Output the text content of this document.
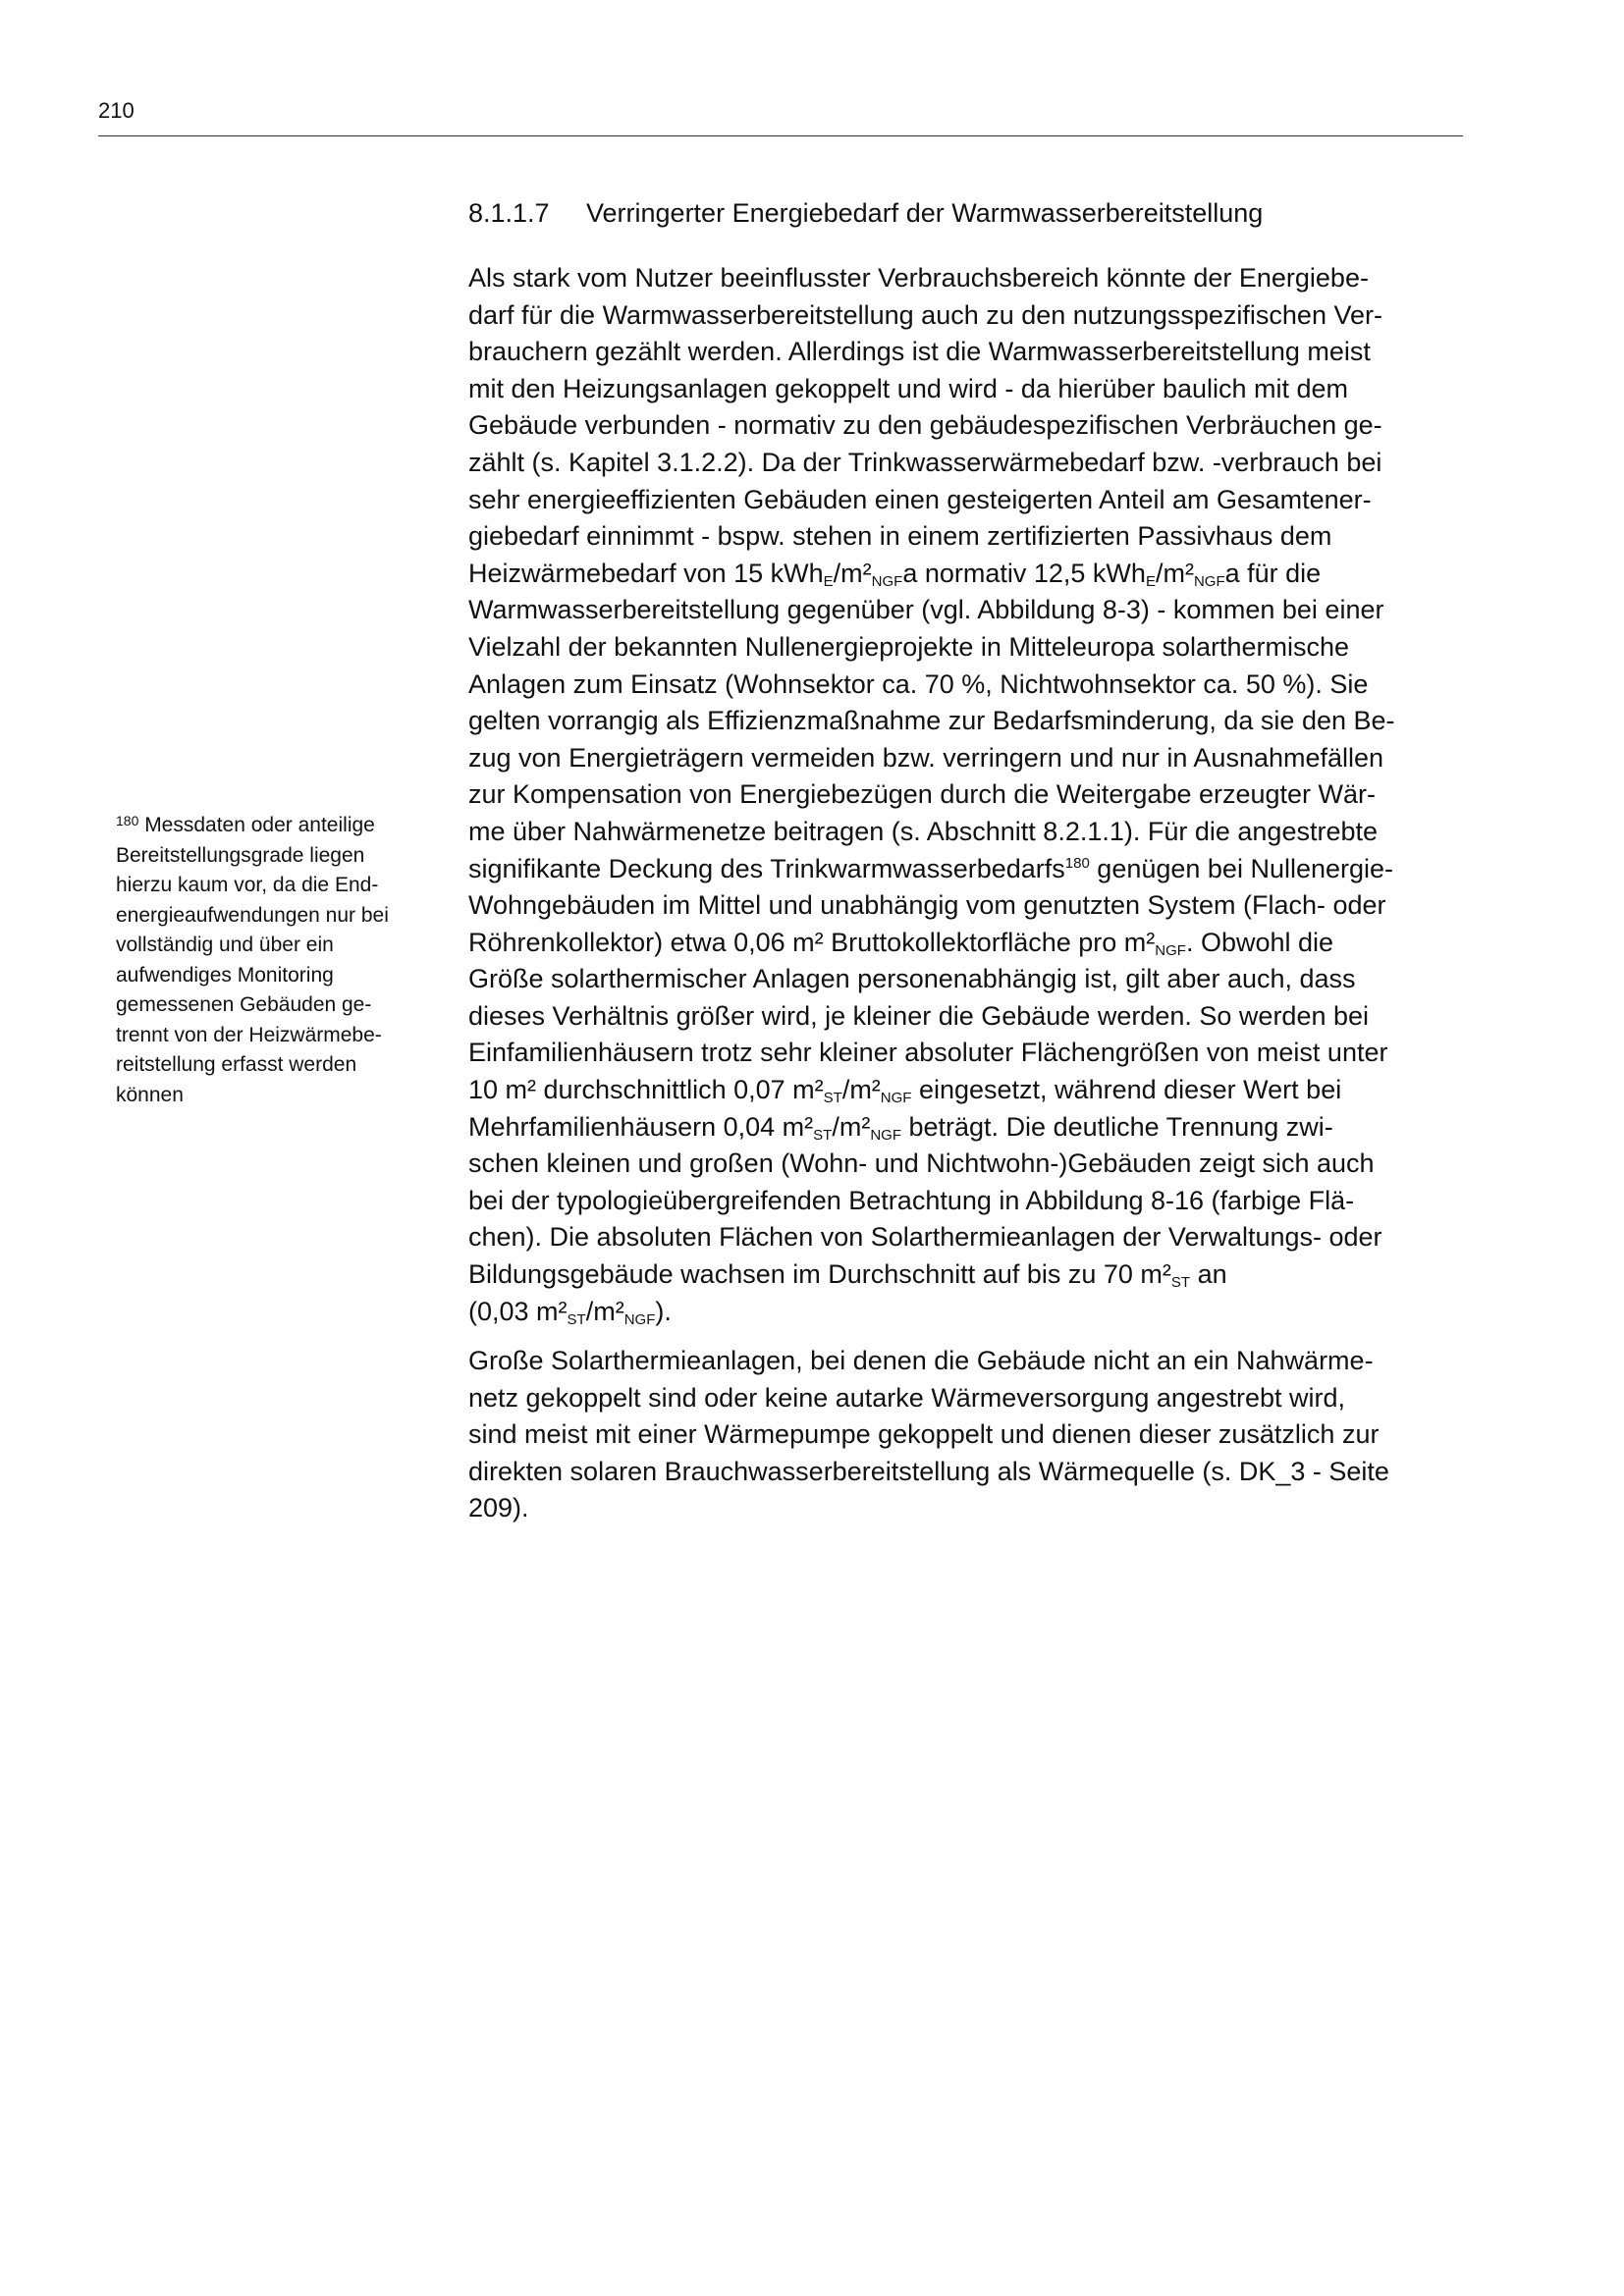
210
$^{180}$ Messdaten oder anteilige
Bereitstellungsgrade liegen
hierzu kaum vor, da die End-
energieaufwendungen nur bei
vollständig und über ein
aufwendiges Monitoring
gemessenen Gebäuden ge-
trennt von der Heizwärmebe-
reitstellung erfasst werden
können
8.1.1.7 Verringerter Energiebedarf der Warmwasserbereitstellung
Als stark vom Nutzer beeinflusster Verbrauchsbereich könnte der Energiebe-
darf für die Warmwasserbereitstellung auch zu den nutzungsspezifischen Ver-
brauchern gezählt werden. Allerdings ist die Warmwasserbereitstellung meist
mit den Heizungsanlagen gekoppelt und wird - da hierüber baulich mit dem
Gebäude verbunden - normativ zu den gebäudespezifischen Verbräuchen ge-
zählt (s. Kapitel 3.1.2.2). Da der Trinkwasserwärmebedarf bzw. -verbrauch bei
sehr energieeffizienten Gebäuden einen gesteigerten Anteil am Gesamtener-
giebedarf einnimmt - bspw. stehen in einem zertifizierten Passivhaus dem
Heizwärmebedarf von 15 $kWh_E/m^2_{NGF}a$ normativ 12,5 $kWh_E/m^2_{NGF}a$ für die
Warmwasserbereitstellung gegenüber (vgl. Abbildung 8-3) - kommen bei einer
Vielzahl der bekannten Nullenergieprojekte in Mitteleuropa solarthermische
Anlagen zum Einsatz (Wohnsektor ca. 70 %, Nichtwohnsektor ca. 50 %). Sie
gelten vorrangig als Effizienzmaßnahme zur Bedarfsminderung, da sie den Be-
zug von Energieträgern vermeiden bzw. verringern und nur in Ausnahmefällen
zur Kompensation von Energiebezügen durch die Weitergabe erzeugter Wär-
me über Nahwärmenetze beitragen (s. Abschnitt 8.2.1.1). Für die angestrebte
signifikante Deckung des Trinkwarmwasserbedarfs$^{180}$ genügen bei Nullenergie-
Wohngebäuden im Mittel und unabhängig vom genutzten System (Flach- oder
Röhrenkollektor) etwa 0,06 m² Bruttokollektorfläche pro $m^2_{NGF}$. Obwohl die
Größe solarthermischer Anlagen personenabhängig ist, gilt aber auch, dass
dieses Verhältnis größer wird, je kleiner die Gebäude werden. So werden bei
Einfamilienhäusern trotz sehr kleiner absoluter Flächengrößen von meist unter
10 m² durchschnittlich 0,07 $m^2_{ST}/m^2_{NGF}$ eingesetzt, während dieser Wert bei
Mehrfamilienhäusern 0,04 $m^2_{ST}/m^2_{NGF}$ beträgt. Die deutliche Trennung zwi-
schen kleinen und großen (Wohn- und Nichtwohn-)Gebäuden zeigt sich auch
bei der typologieübergreifenden Betrachtung in Abbildung 8-16 (farbige Flä-
chen). Die absoluten Flächen von Solarthermieanlagen der Verwaltungs- oder
Bildungsgebäude wachsen im Durchschnitt auf bis zu 70 $m^2_{ST}$ an
(0,03 $m^2_{ST}/m^2_{NGF}$).
Große Solarthermieanlagen, bei denen die Gebäude nicht an ein Nahwärme-
netz gekoppelt sind oder keine autarke Wärmeversorgung angestrebt wird,
sind meist mit einer Wärmepumpe gekoppelt und dienen dieser zusätzlich zur
direkten solaren Brauchwasserbereitstellung als Wärmequelle (s. DK_3 - Seite
209).
